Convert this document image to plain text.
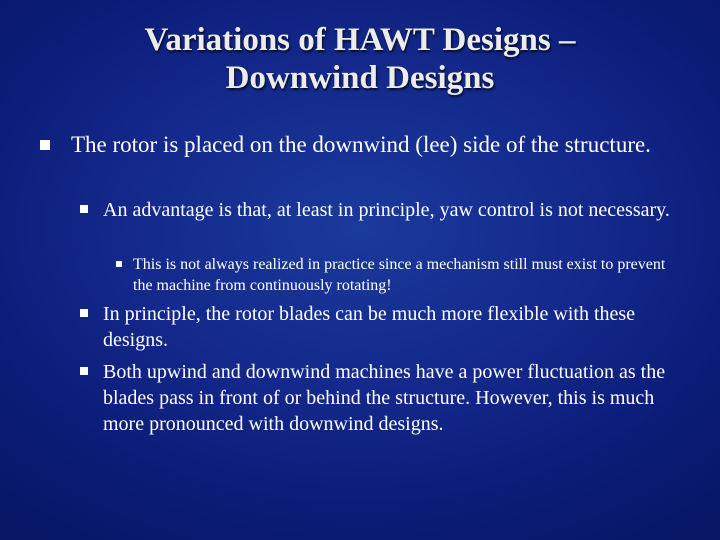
Variations of HAWT Designs –
Downwind Designs

The rotor is placed on the downwind (lee) side of the structure.

An advantage is that, at least in principle, yaw control is not necessary.

This is not always realized in practice since a mechanism still must exist to prevent the machine from continuously rotating!

In principle, the rotor blades can be much more flexible with these designs.

Both upwind and downwind machines have a power fluctuation as the blades pass in front of or behind the structure. However, this is much more pronounced with downwind designs.
